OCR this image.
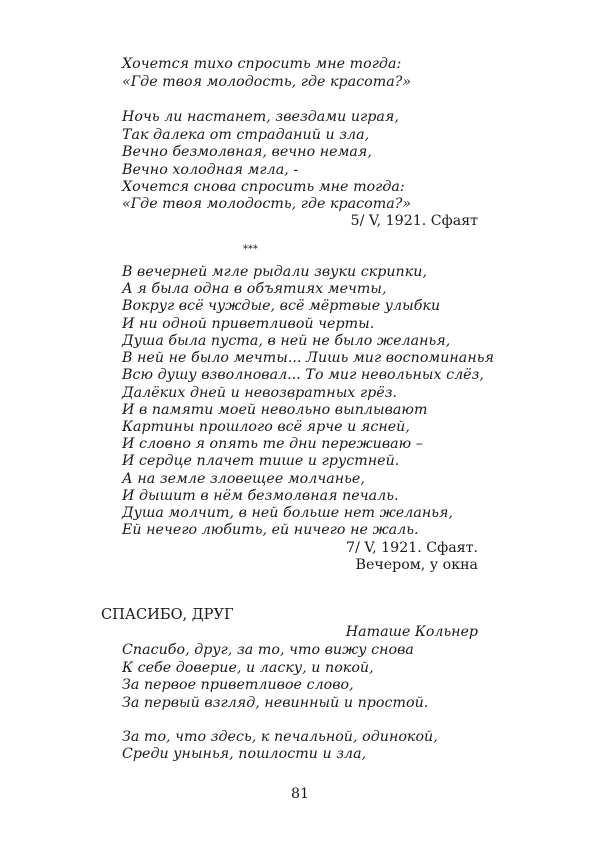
Хочется тихо спросить мне тогда:
«Где твоя молодость, где красота?»
Ночь ли настанет, звездами играя,
Так далека от страданий и зла,
Вечно безмолвная, вечно немая,
Вечно холодная мгла, -
Хочется снова спросить мне тогда:
«Где твоя молодость, где красота?»
5/ V, 1921. Сфаят
***
В вечерней мгле рыдали звуки скрипки,
А я была одна в объятиях мечты,
Вокруг всё чуждые, всё мёртвые улыбки
И ни одной приветливой черты.
Душа была пуста, в ней не было желанья,
В ней не было мечты... Лишь миг воспоминанья
Всю душу взволновал... То миг невольных слёз,
Далёких дней и невозвратных грёз.
И в памяти моей невольно выплывают
Картины прошлого всё ярче и ясней,
И словно я опять те дни переживаю –
И сердце плачет тише и грустней.
А на земле зловещее молчанье,
И дышит в нём безмолвная печаль.
Душа молчит, в ней больше нет желанья,
Ей нечего любить, ей ничего не жаль.
7/ V, 1921. Сфаят.
Вечером, у окна
СПАСИБО, ДРУГ
Наташе Кольнер
Спасибо, друг, за то, что вижу снова
К себе доверие, и ласку, и покой,
За первое приветливое слово,
За первый взгляд, невинный и простой.
За то, что здесь, к печальной, одинокой,
Среди унынья, пошлости и зла,
81
